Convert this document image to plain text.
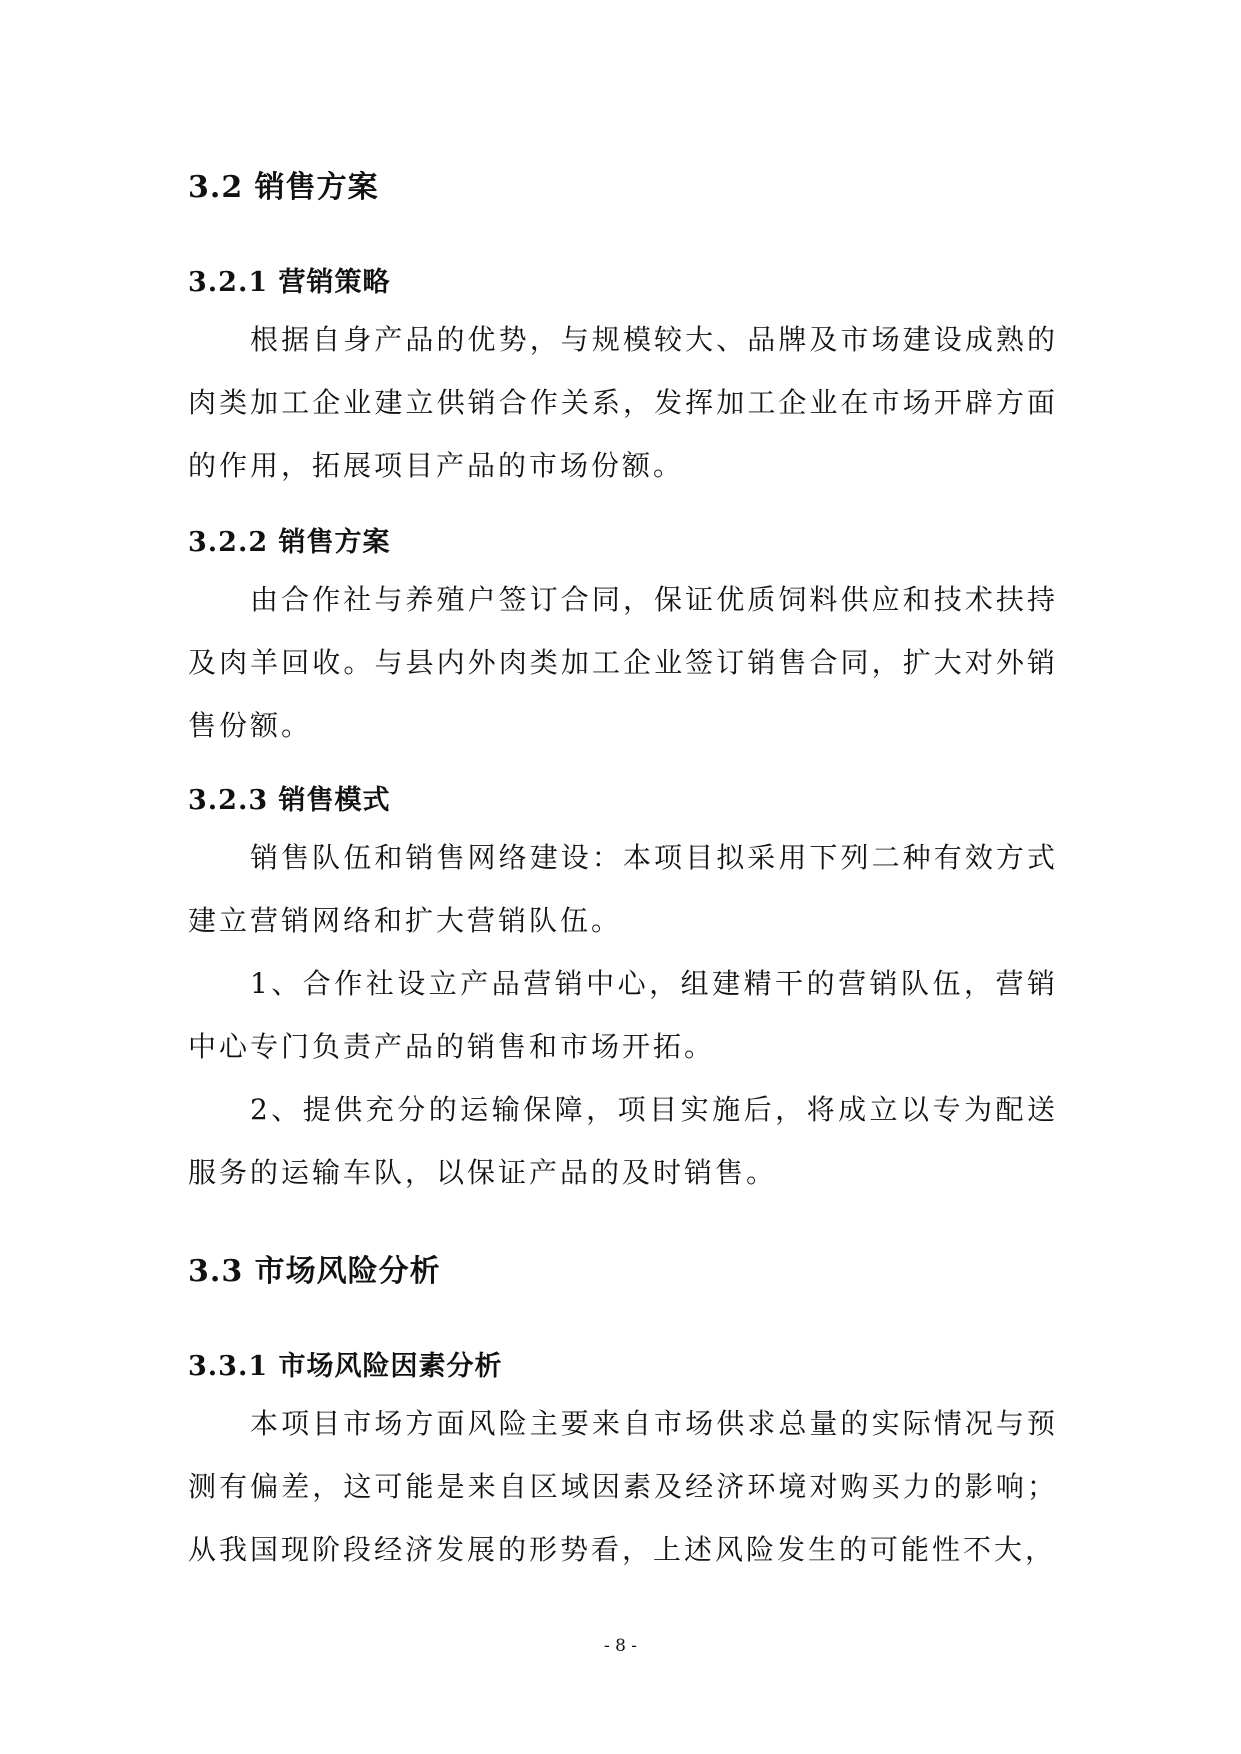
3.2 销售方案
3.2.1 营销策略
根据自身产品的优势，与规模较大、品牌及市场建设成熟的肉类加工企业建立供销合作关系，发挥加工企业在市场开辟方面的作用，拓展项目产品的市场份额。
3.2.2 销售方案
由合作社与养殖户签订合同，保证优质饲料供应和技术扶持及肉羊回收。与县内外肉类加工企业签订销售合同，扩大对外销售份额。
3.2.3 销售模式
销售队伍和销售网络建设：本项目拟采用下列二种有效方式建立营销网络和扩大营销队伍。
1、合作社设立产品营销中心，组建精干的营销队伍，营销中心专门负责产品的销售和市场开拓。
2、提供充分的运输保障，项目实施后，将成立以专为配送服务的运输车队，以保证产品的及时销售。
3.3 市场风险分析
3.3.1 市场风险因素分析
本项目市场方面风险主要来自市场供求总量的实际情况与预测有偏差，这可能是来自区域因素及经济环境对购买力的影响；从我国现阶段经济发展的形势看，上述风险发生的可能性不大，
- 8 -
